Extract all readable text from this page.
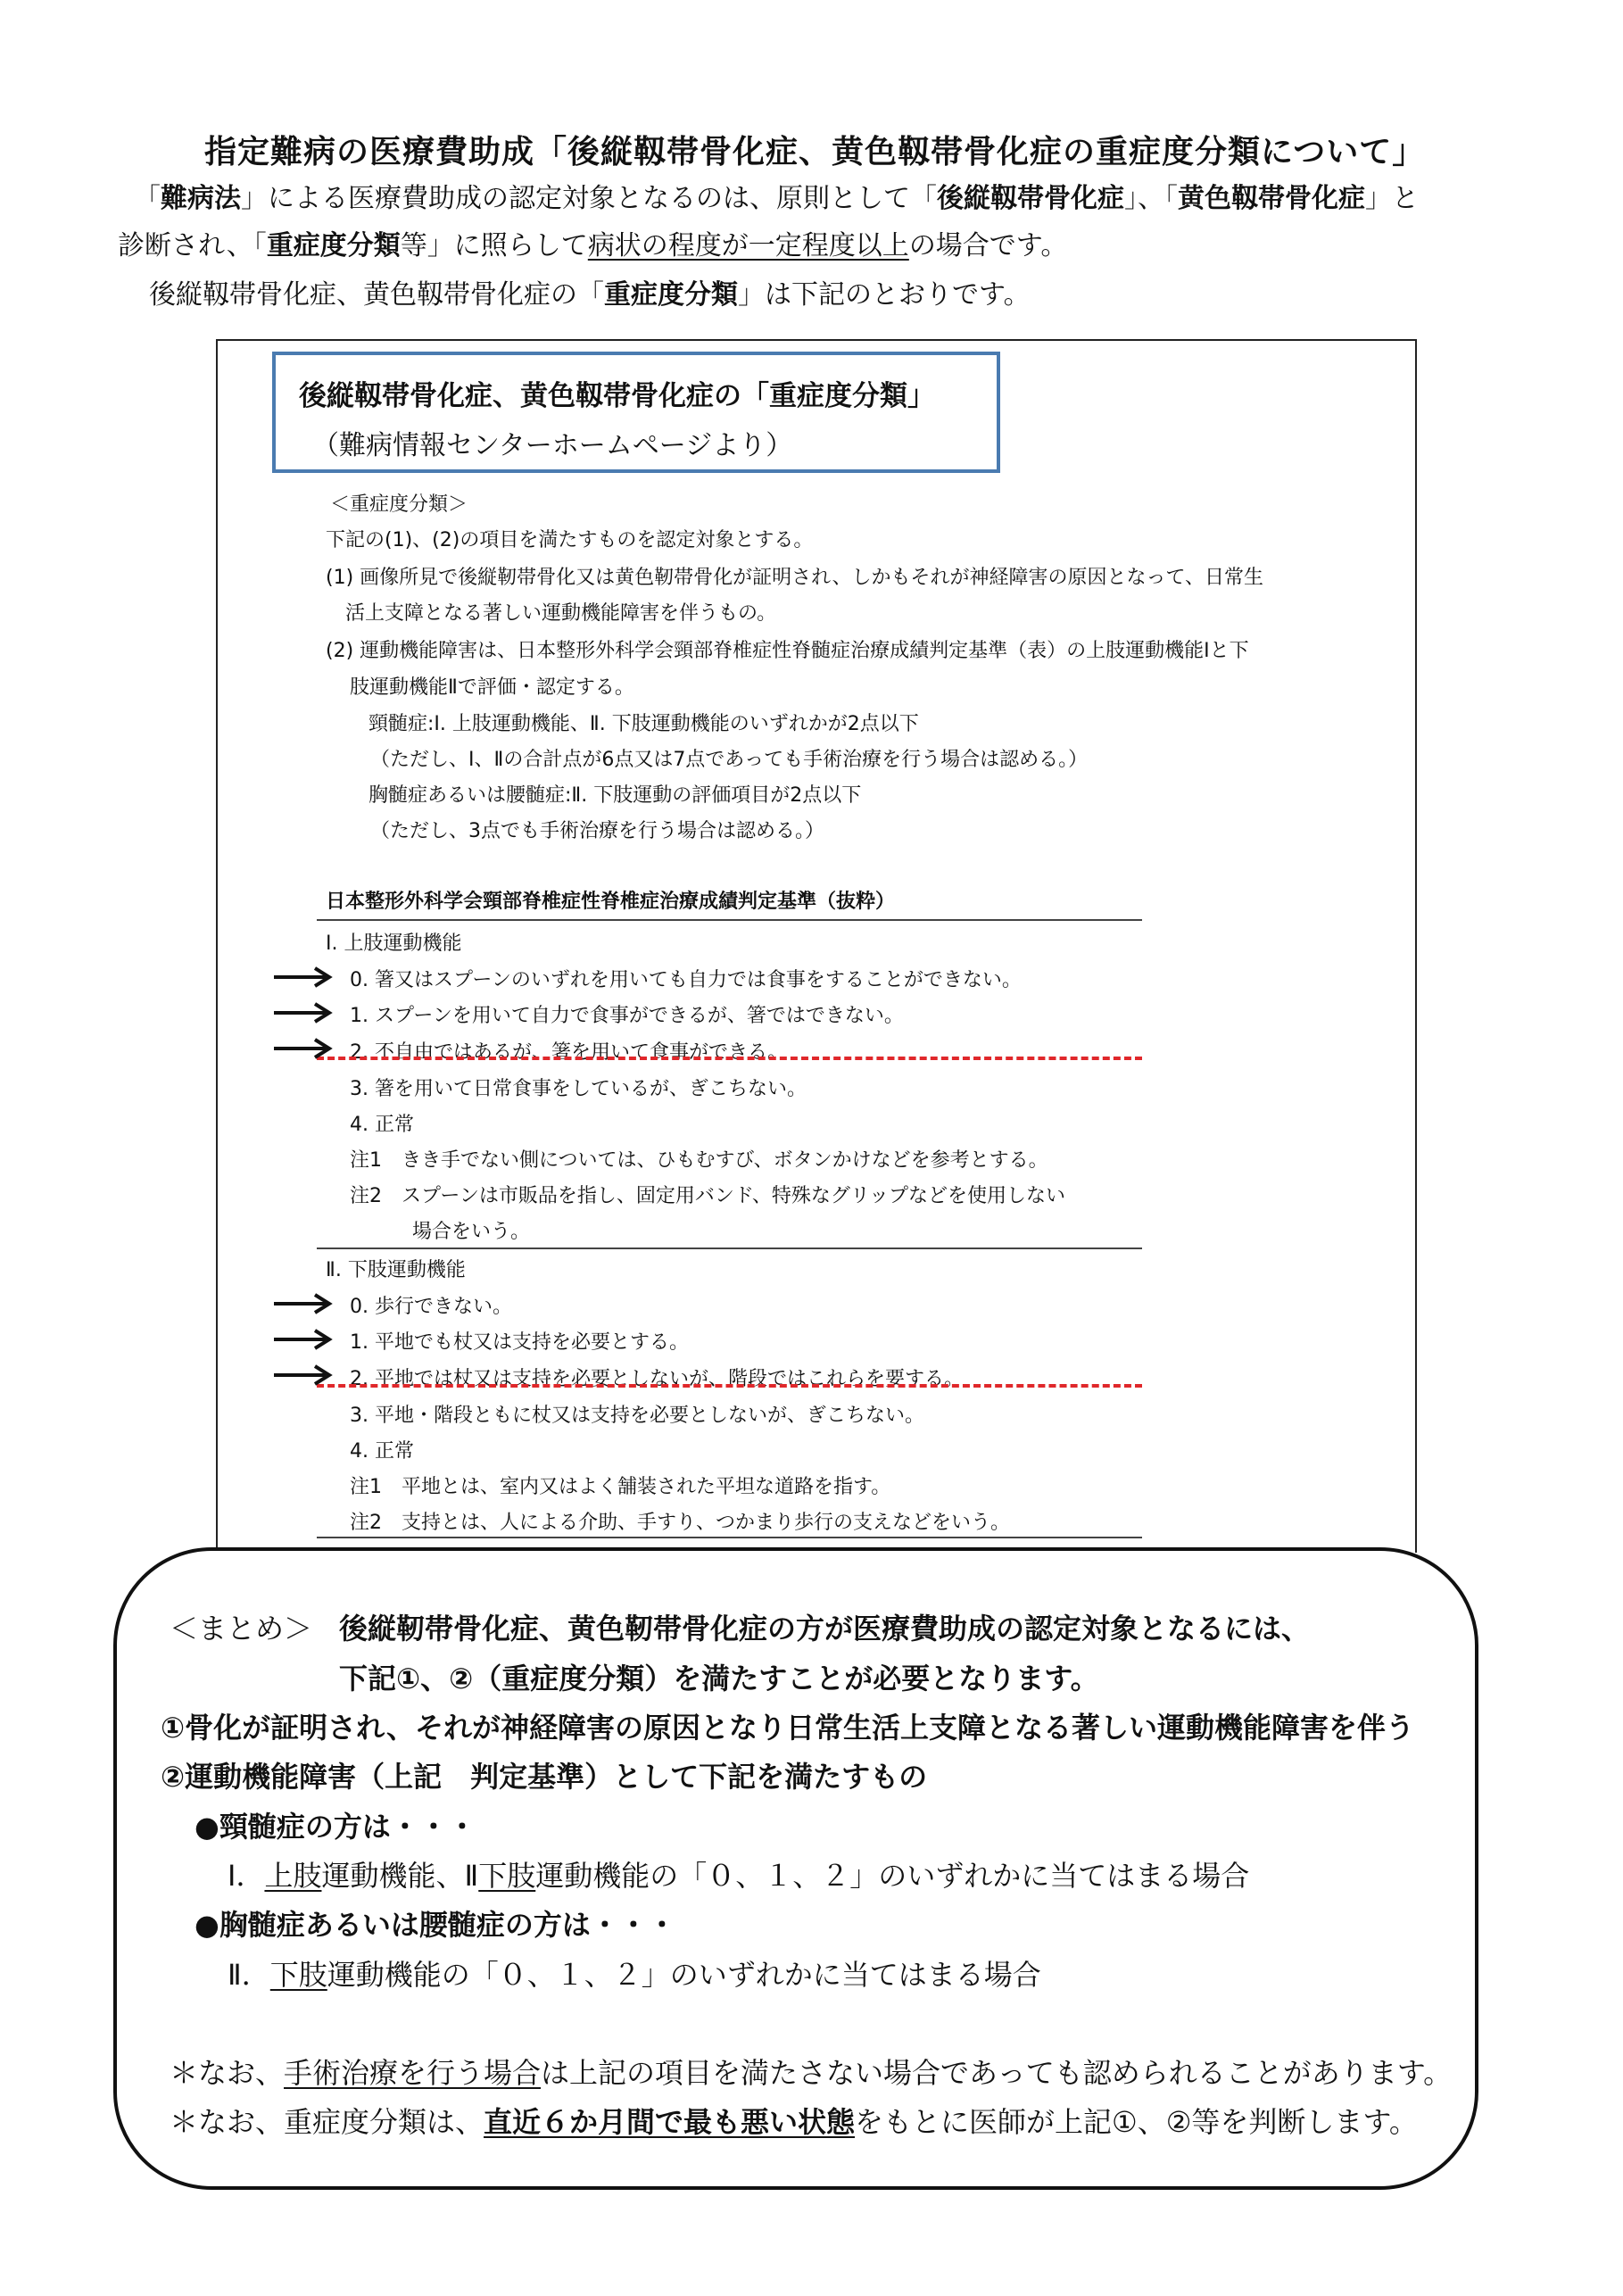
指定難病の医療費助成「後縦靱帯骨化症、黄色靱帯骨化症の重症度分類について」
「難病法」による医療費助成の認定対象となるのは、原則として「後縦靱帯骨化症」、「黄色靱帯骨化症」と
診断され、「重症度分類等」に照らして病状の程度が一定程度以上の場合です。
後縦靱帯骨化症、黄色靱帯骨化症の「重症度分類」は下記のとおりです。
後縦靱帯骨化症、黄色靱帯骨化症の「重症度分類」
（難病情報センターホームページより）
＜重症度分類＞
下記の(1)、(2)の項目を満たすものを認定対象とする。
(1) 画像所見で後縦靭帯骨化又は黄色靭帯骨化が証明され、しかもそれが神経障害の原因となって、日常生
活上支障となる著しい運動機能障害を伴うもの。
(2) 運動機能障害は、日本整形外科学会頸部脊椎症性脊髄症治療成績判定基準（表）の上肢運動機能Ⅰと下
肢運動機能Ⅱで評価・認定する。
頸髄症:Ⅰ. 上肢運動機能、Ⅱ. 下肢運動機能のいずれかが2点以下
（ただし、Ⅰ、Ⅱの合計点が6点又は7点であっても手術治療を行う場合は認める。）
胸髄症あるいは腰髄症:Ⅱ. 下肢運動の評価項目が2点以下
（ただし、3点でも手術治療を行う場合は認める。）
日本整形外科学会頸部脊椎症性脊椎症治療成績判定基準（抜粋）
Ⅰ. 上肢運動機能
0. 箸又はスプーンのいずれを用いても自力では食事をすることができない。
1. スプーンを用いて自力で食事ができるが、箸ではできない。
2. 不自由ではあるが、箸を用いて食事ができる。
3. 箸を用いて日常食事をしているが、ぎこちない。
4. 正常
注1　きき手でない側については、ひもむすび、ボタンかけなどを参考とする。
注2　スプーンは市販品を指し、固定用バンド、特殊なグリップなどを使用しない
場合をいう。
Ⅱ. 下肢運動機能
0. 歩行できない。
1. 平地でも杖又は支持を必要とする。
2. 平地では杖又は支持を必要としないが、階段ではこれらを要する。
3. 平地・階段ともに杖又は支持を必要としないが、ぎこちない。
4. 正常
注1　平地とは、室内又はよく舗装された平坦な道路を指す。
注2　支持とは、人による介助、手すり、つかまり歩行の支えなどをいう。
＜まとめ＞ 後縦靭帯骨化症、黄色靭帯骨化症の方が医療費助成の認定対象となるには、
下記①、②（重症度分類）を満たすことが必要となります。
①骨化が証明され、それが神経障害の原因となり日常生活上支障となる著しい運動機能障害を伴う
②運動機能障害（上記　判定基準）として下記を満たすもの
●頸髄症の方は・・・
Ⅰ．上肢運動機能、Ⅱ下肢運動機能の「０、１、２」のいずれかに当てはまる場合
●胸髄症あるいは腰髄症の方は・・・
Ⅱ．下肢運動機能の「０、１、２」のいずれかに当てはまる場合
＊なお、手術治療を行う場合は上記の項目を満たさない場合であっても認められることがあります。
＊なお、重症度分類は、直近６か月間で最も悪い状態をもとに医師が上記①、②等を判断します。
